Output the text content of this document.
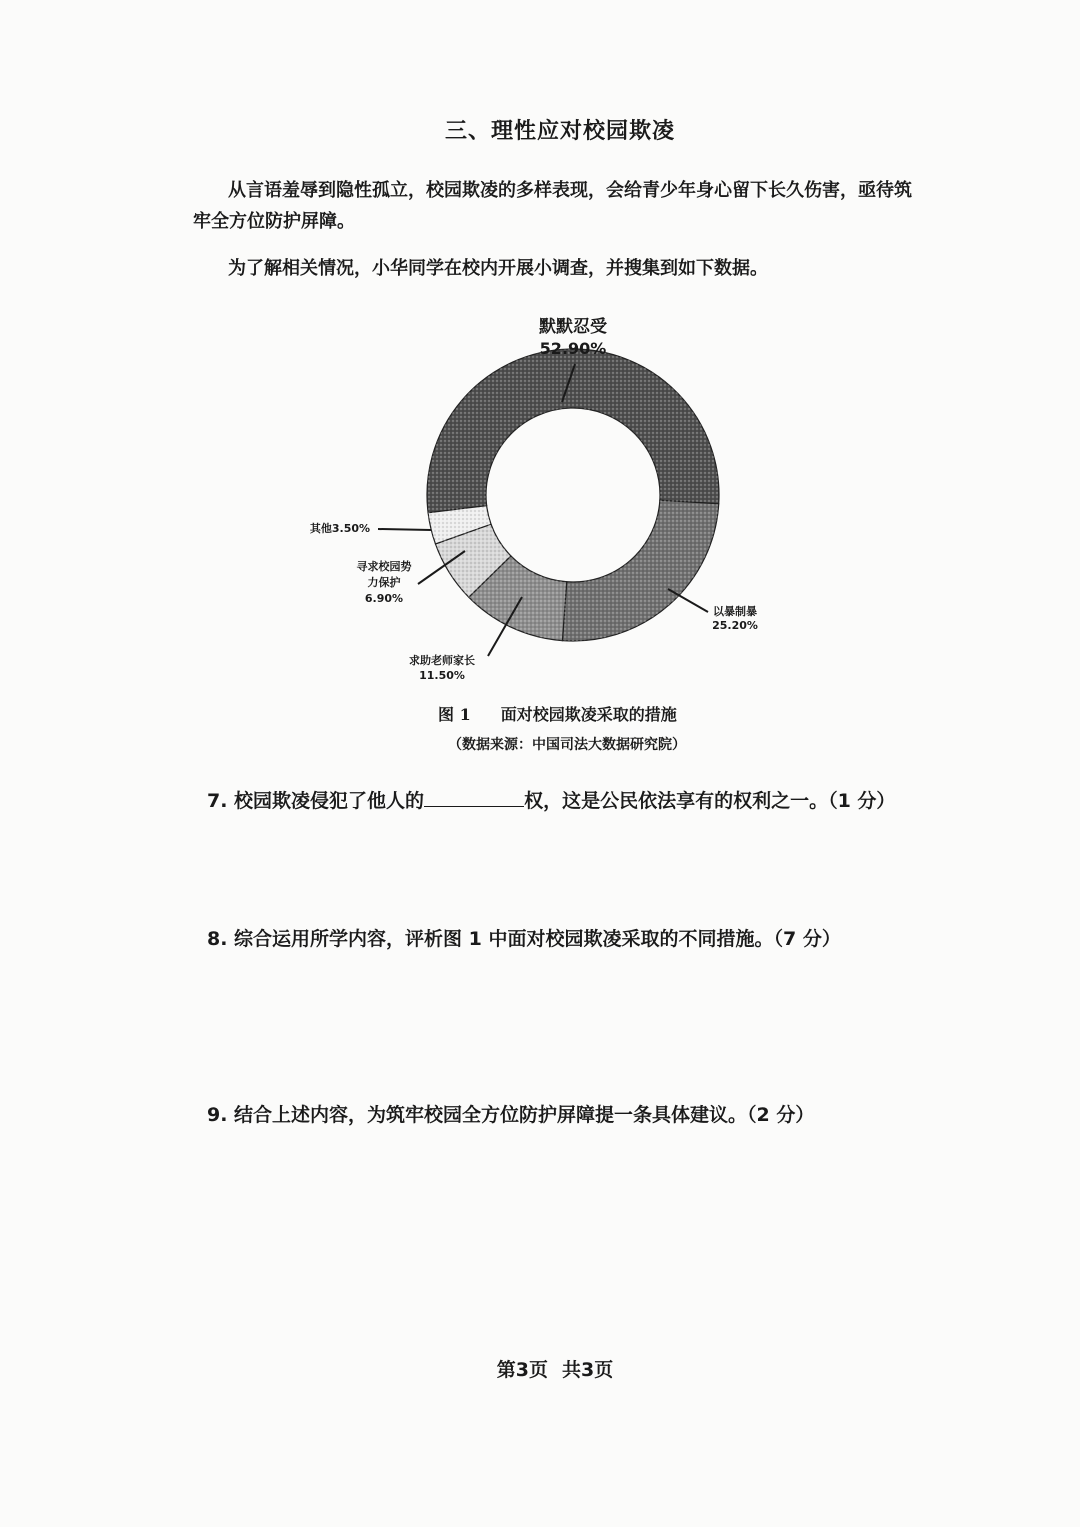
三、理性应对校园欺凌

从言语羞辱到隐性孤立，校园欺凌的多样表现，会给青少年身心留下长久伤害，亟待筑
牢全方位防护屏障。

为了解相关情况，小华同学在校内开展小调查，并搜集到如下数据。

默默忍受
52.90%
以暴制暴
25.20%
求助老师家长
11.50%
寻求校园势力保护
6.90%
其他3.50%
图 1 面对校园欺凌采取的措施
（数据来源：中国司法大数据研究院）

7. 校园欺凌侵犯了他人的	权，这是公民依法享有的权利之一。（1 分）

8. 综合运用所学内容，评析图 1 中面对校园欺凌采取的不同措施。（7 分）

9. 结合上述内容，为筑牢校园全方位防护屏障提一条具体建议。（2 分）

第3页 共3页
